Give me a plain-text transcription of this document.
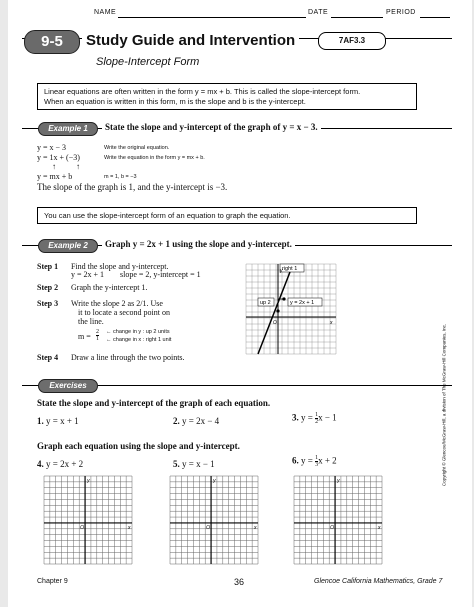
NAME	DATE	PERIOD
9-5	Study Guide and Intervention	7AF3.3
Slope-Intercept Form
Linear equations are often written in the form y = mx + b. This is called the slope-intercept form.
When an equation is written in this form, m is the slope and b is the y-intercept.
Example 1	State the slope and y-intercept of the graph of y = x − 3.
y = x − 3	Write the original equation.
y = 1x + (−3)	Write the equation in the form y = mx + b.
↑          ↑
y = mx + b	m = 1, b = −3
The slope of the graph is 1, and the y-intercept is −3.
You can use the slope-intercept form of an equation to graph the equation.
Example 2	Graph y = 2x + 1 using the slope and y-intercept.
Step 1 Find the slope and y-intercept.
y = 2x + 1        slope = 2, y-intercept = 1
Step 2 Graph the y-intercept 1.
Step 3 Write the slope 2 as 2/1. Use
it to locate a second point on
the line.
$m = \frac{2}{1}$ ← change in y : up 2 units
← change in x : right 1 unit
Step 4 Draw a line through the two points.
right 1
up 2	y = 2x + 1
y
x
O
Exercises
State the slope and y-intercept of the graph of each equation.
1. y = x + 1	2. y = 2x − 4	3. $y = \frac{1}{2}$ x − 1
Graph each equation using the slope and y-intercept.
4. y = 2x + 2	5. y = x − 1	6. $y = \frac{1}{3}$ x + 2
y
x
O
y
x
O
y
x
O
Copyright © Glencoe/McGraw-Hill, a division of The McGraw-Hill Companies, Inc.
Chapter 9	36	Glencoe California Mathematics, Grade 7
